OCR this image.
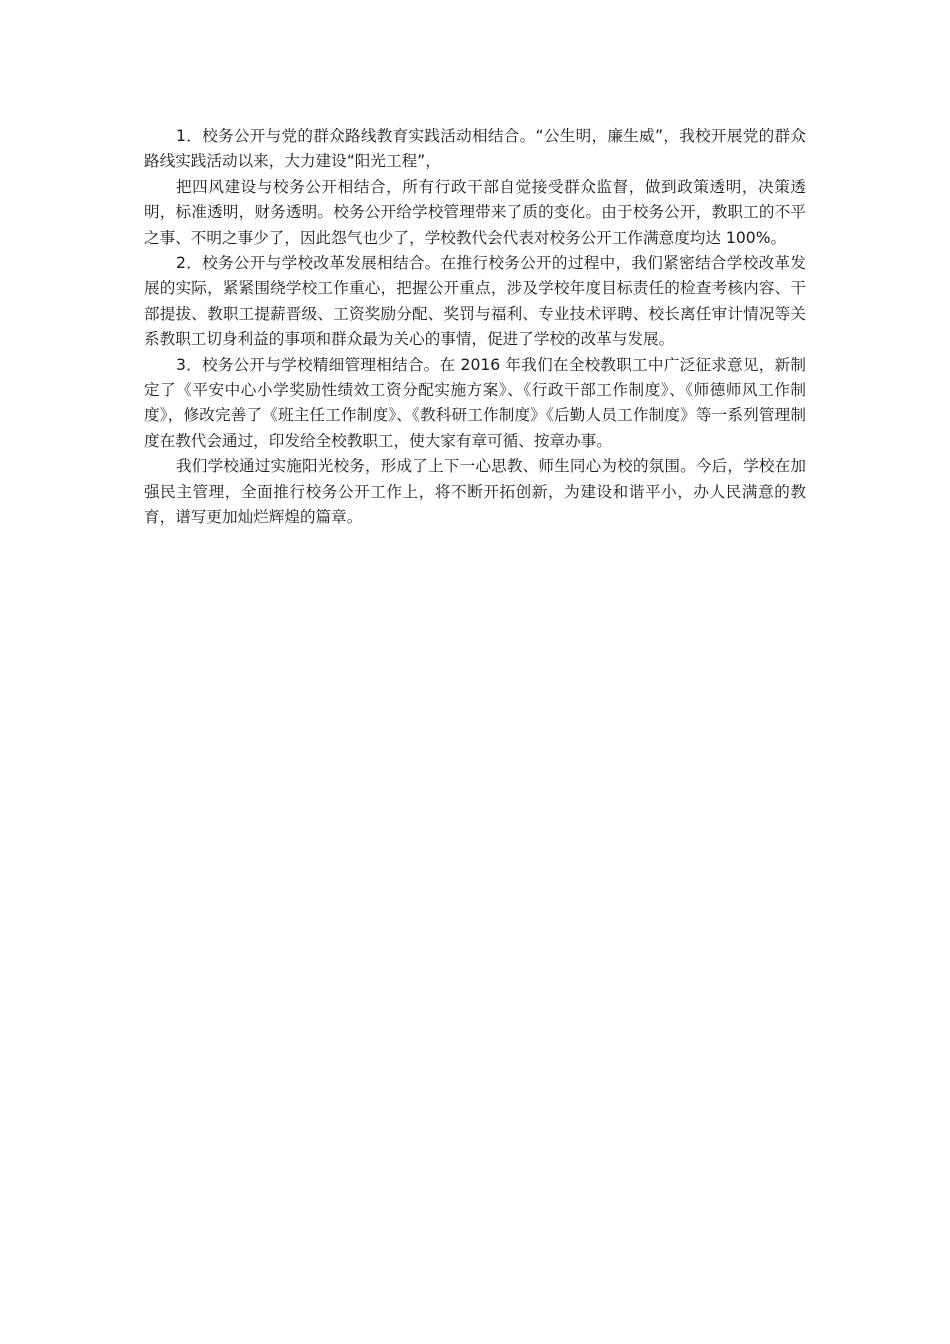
1．校务公开与党的群众路线教育实践活动相结合。“公生明，廉生威”，我校开展党的群众路线实践活动以来，大力建设“阳光工程”，

把四风建设与校务公开相结合，所有行政干部自觉接受群众监督，做到政策透明，决策透明，标准透明，财务透明。校务公开给学校管理带来了质的变化。由于校务公开，教职工的不平之事、不明之事少了，因此怨气也少了，学校教代会代表对校务公开工作满意度均达 100%。

2．校务公开与学校改革发展相结合。在推行校务公开的过程中，我们紧密结合学校改革发展的实际，紧紧围绕学校工作重心，把握公开重点，涉及学校年度目标责任的检查考核内容、干部提拔、教职工提薪晋级、工资奖励分配、奖罚与福利、专业技术评聘、校长离任审计情况等关系教职工切身利益的事项和群众最为关心的事情，促进了学校的改革与发展。

3．校务公开与学校精细管理相结合。在 2016 年我们在全校教职工中广泛征求意见，新制定了《平安中心小学奖励性绩效工资分配实施方案》、《行政干部工作制度》、《师德师风工作制度》，修改完善了《班主任工作制度》、《教科研工作制度》《后勤人员工作制度》等一系列管理制度在教代会通过，印发给全校教职工，使大家有章可循、按章办事。

我们学校通过实施阳光校务，形成了上下一心思教、师生同心为校的氛围。今后，学校在加强民主管理，全面推行校务公开工作上，将不断开拓创新，为建设和谐平小，办人民满意的教育，谱写更加灿烂辉煌的篇章。
